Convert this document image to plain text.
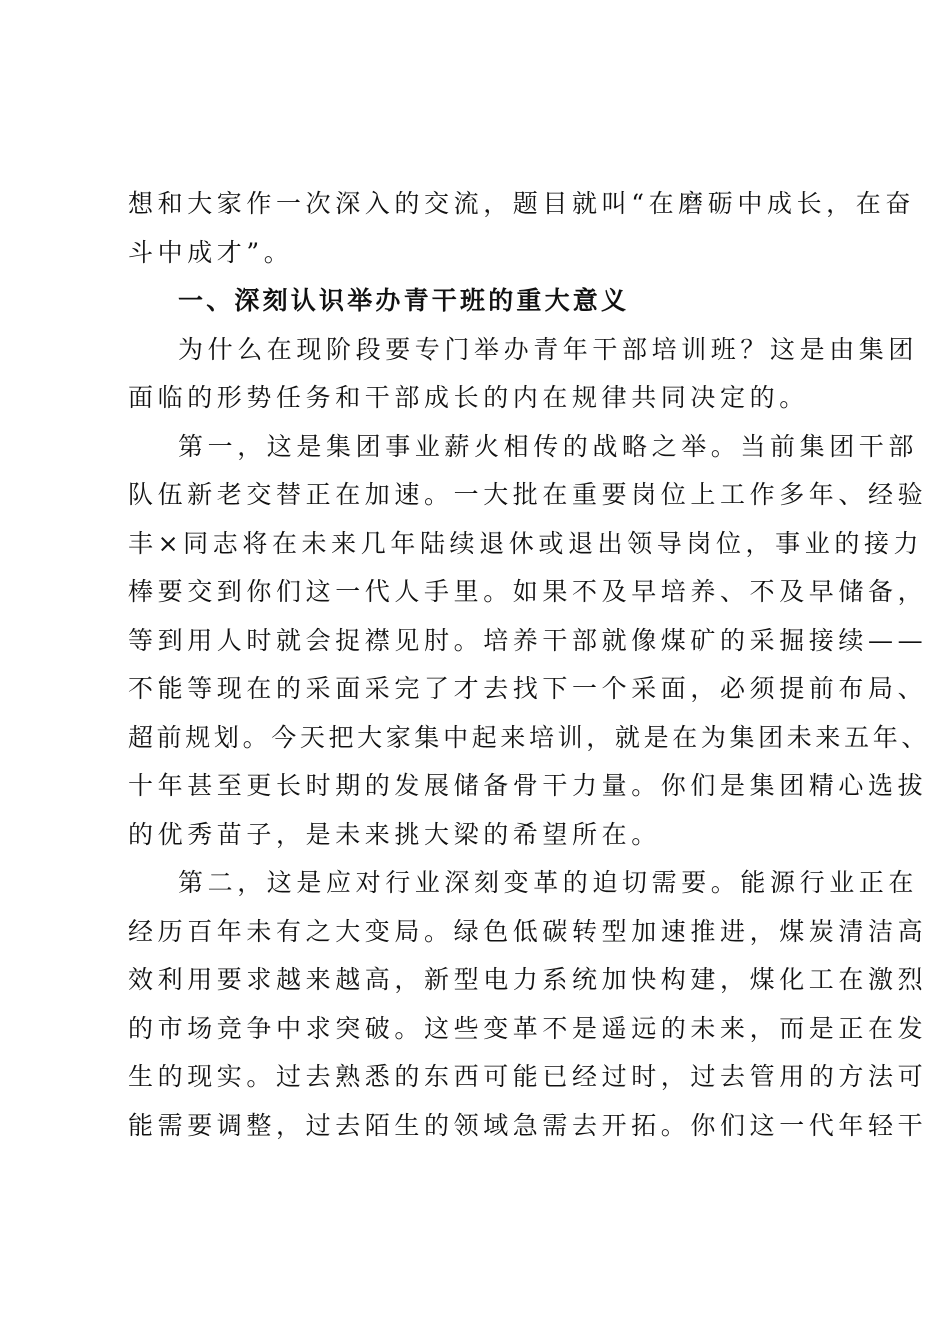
想和大家作一次深入的交流，题目就叫“在磨砺中成长，在奋
斗中成才”。
一、深刻认识举办青干班的重大意义
为什么在现阶段要专门举办青年干部培训班？这是由集团
面临的形势任务和干部成长的内在规律共同决定的。
第一，这是集团事业薪火相传的战略之举。当前集团干部
队伍新老交替正在加速。一大批在重要岗位上工作多年、经验
丰×同志将在未来几年陆续退休或退出领导岗位，事业的接力
棒要交到你们这一代人手里。如果不及早培养、不及早储备，
等到用人时就会捉襟见肘。培养干部就像煤矿的采掘接续——
不能等现在的采面采完了才去找下一个采面，必须提前布局、
超前规划。今天把大家集中起来培训，就是在为集团未来五年、
十年甚至更长时期的发展储备骨干力量。你们是集团精心选拔
的优秀苗子，是未来挑大梁的希望所在。
第二，这是应对行业深刻变革的迫切需要。能源行业正在
经历百年未有之大变局。绿色低碳转型加速推进，煤炭清洁高
效利用要求越来越高，新型电力系统加快构建，煤化工在激烈
的市场竞争中求突破。这些变革不是遥远的未来，而是正在发
生的现实。过去熟悉的东西可能已经过时，过去管用的方法可
能需要调整，过去陌生的领域急需去开拓。你们这一代年轻干
